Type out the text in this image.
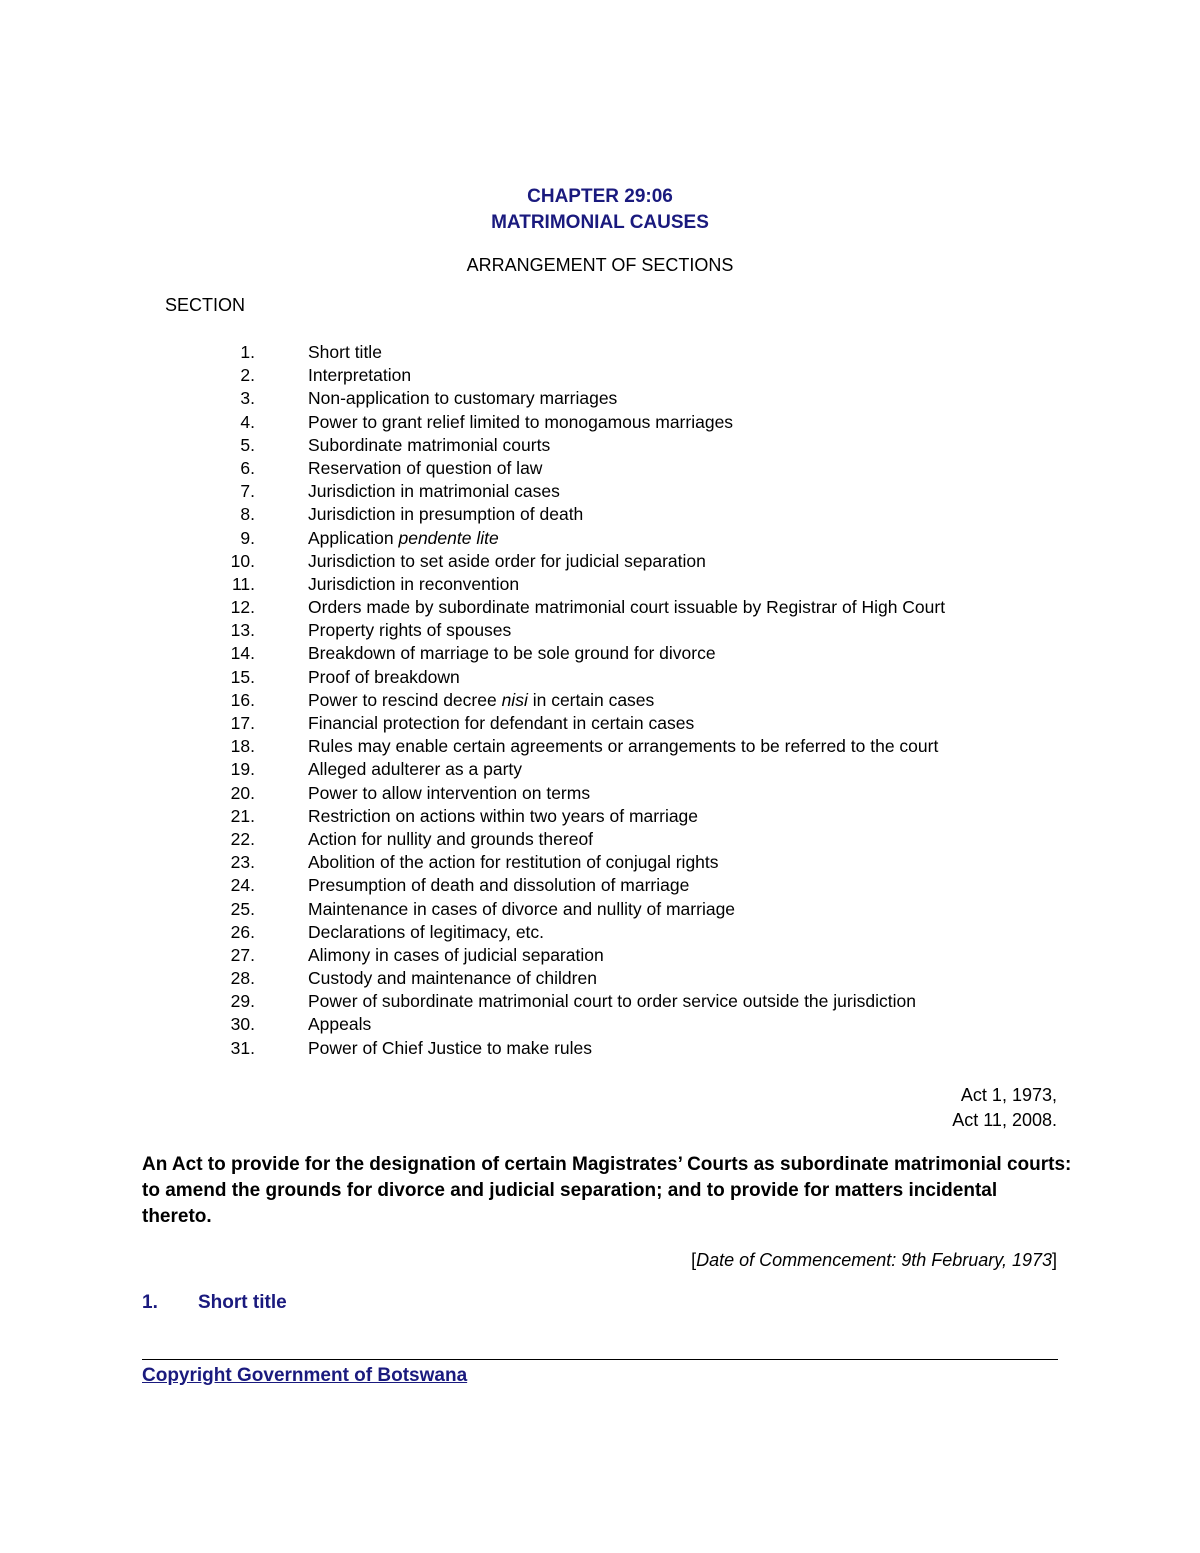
CHAPTER 29:06
MATRIMONIAL CAUSES
ARRANGEMENT OF SECTIONS
SECTION
1.	Short title
2.	Interpretation
3.	Non-application to customary marriages
4.	Power to grant relief limited to monogamous marriages
5.	Subordinate matrimonial courts
6.	Reservation of question of law
7.	Jurisdiction in matrimonial cases
8.	Jurisdiction in presumption of death
9.	Application pendente lite
10.	Jurisdiction to set aside order for judicial separation
11.	Jurisdiction in reconvention
12.	Orders made by subordinate matrimonial court issuable by Registrar of High Court
13.	Property rights of spouses
14.	Breakdown of marriage to be sole ground for divorce
15.	Proof of breakdown
16.	Power to rescind decree nisi in certain cases
17.	Financial protection for defendant in certain cases
18.	Rules may enable certain agreements or arrangements to be referred to the court
19.	Alleged adulterer as a party
20.	Power to allow intervention on terms
21.	Restriction on actions within two years of marriage
22.	Action for nullity and grounds thereof
23.	Abolition of the action for restitution of conjugal rights
24.	Presumption of death and dissolution of marriage
25.	Maintenance in cases of divorce and nullity of marriage
26.	Declarations of legitimacy, etc.
27.	Alimony in cases of judicial separation
28.	Custody and maintenance of children
29.	Power of subordinate matrimonial court to order service outside the jurisdiction
30.	Appeals
31.	Power of Chief Justice to make rules
Act 1, 1973,
Act 11, 2008.
An Act to provide for the designation of certain Magistrates’ Courts as subordinate matrimonial courts: to amend the grounds for divorce and judicial separation; and to provide for matters incidental thereto.
[Date of Commencement: 9th February, 1973]
1. Short title
Copyright Government of Botswana
